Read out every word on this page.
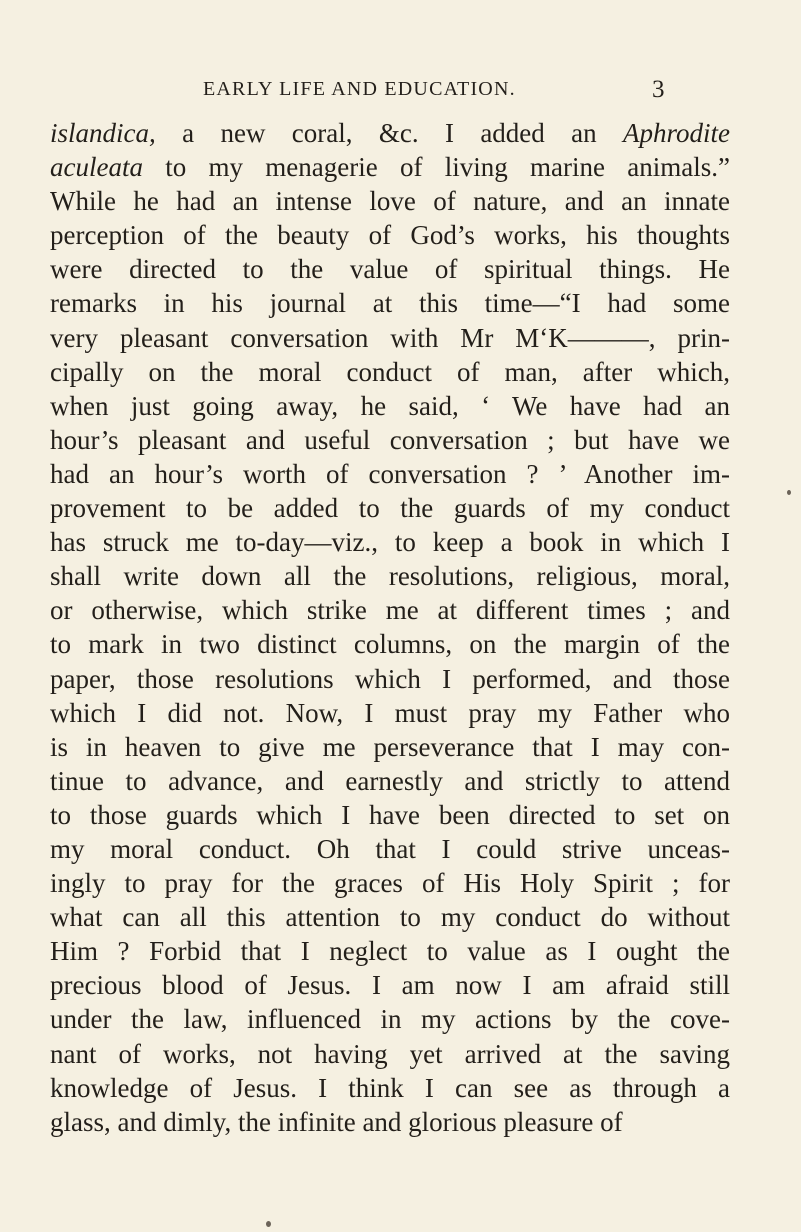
EARLY LIFE AND EDUCATION.	3
islandica, a new coral, &c. I added an Aphrodite
aculeata to my menagerie of living marine animals.”
While he had an intense love of nature, and an innate
perception of the beauty of God’s works, his thoughts
were directed to the value of spiritual things. He
remarks in his journal at this time—“I had some
very pleasant conversation with Mr M‘K———, prin-
cipally on the moral conduct of man, after which,
when just going away, he said, ‘ We have had an
hour’s pleasant and useful conversation ; but have we
had an hour’s worth of conversation ? ’ Another im-
provement to be added to the guards of my conduct
has struck me to-day—viz., to keep a book in which I
shall write down all the resolutions, religious, moral,
or otherwise, which strike me at different times ; and
to mark in two distinct columns, on the margin of the
paper, those resolutions which I performed, and those
which I did not. Now, I must pray my Father who
is in heaven to give me perseverance that I may con-
tinue to advance, and earnestly and strictly to attend
to those guards which I have been directed to set on
my moral conduct. Oh that I could strive unceas-
ingly to pray for the graces of His Holy Spirit ; for
what can all this attention to my conduct do without
Him ? Forbid that I neglect to value as I ought the
precious blood of Jesus. I am now I am afraid still
under the law, influenced in my actions by the cove-
nant of works, not having yet arrived at the saving
knowledge of Jesus. I think I can see as through a
glass, and dimly, the infinite and glorious pleasure of
